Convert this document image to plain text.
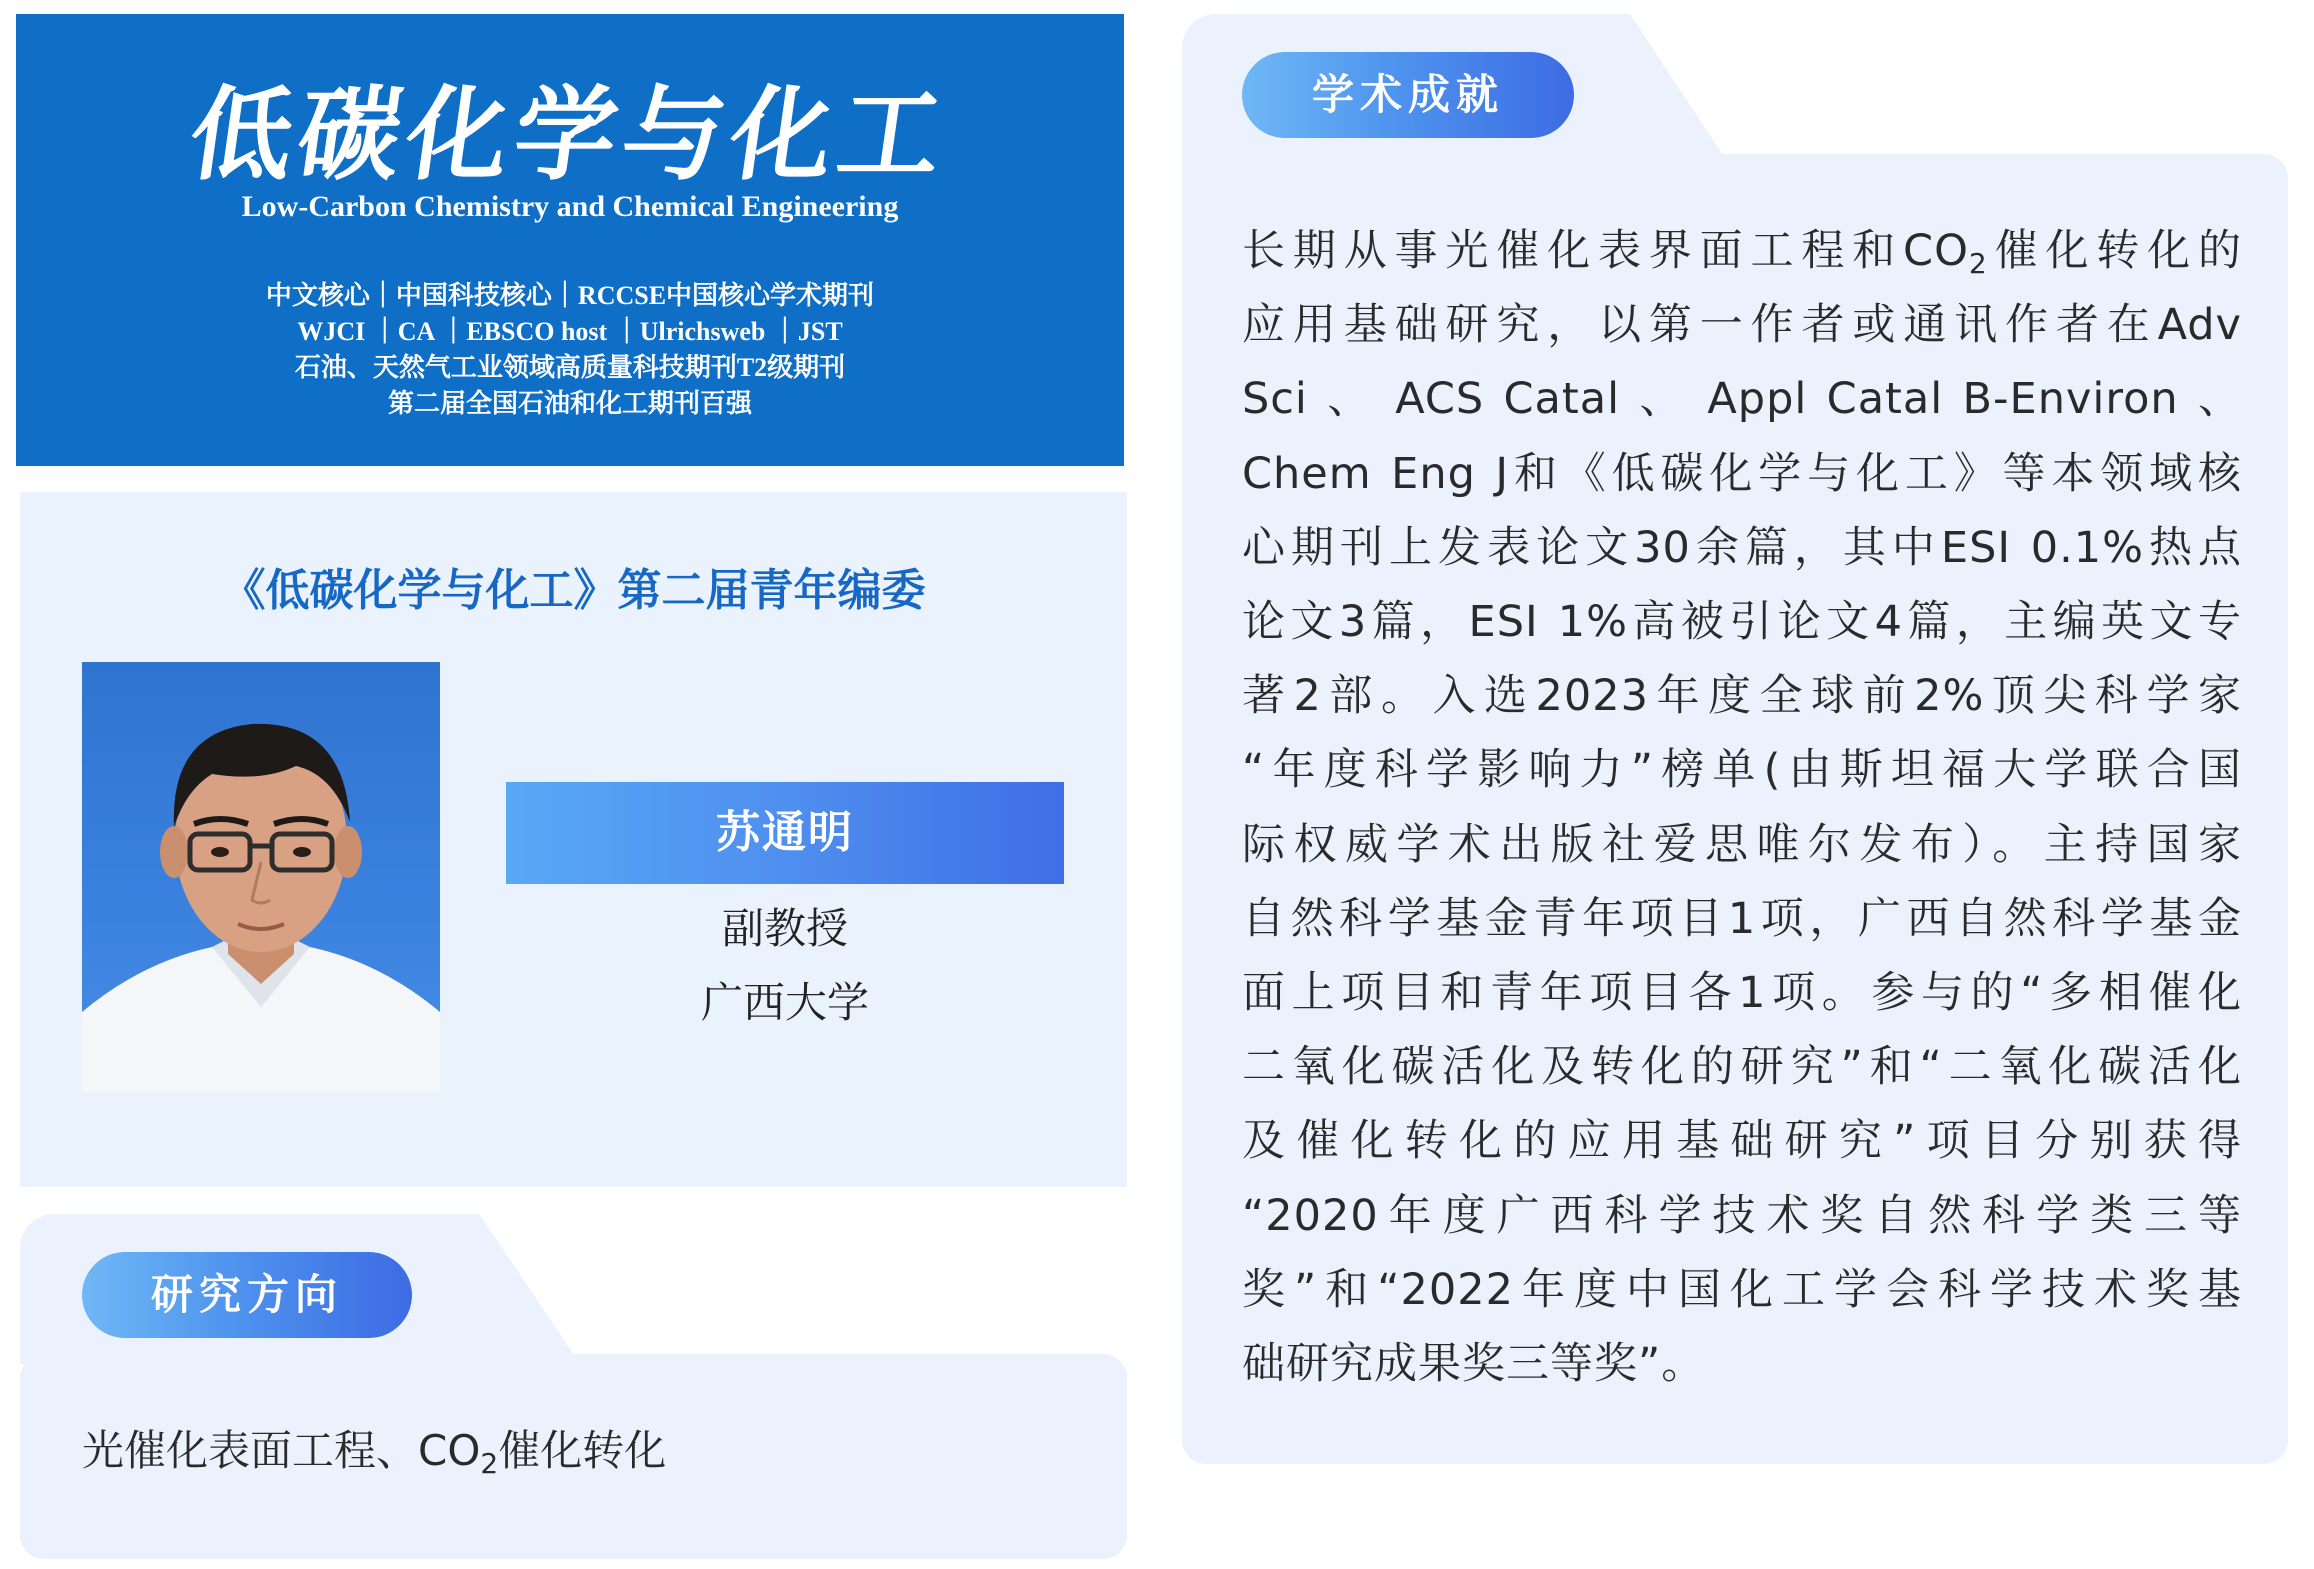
低碳化学与化工
Low-Carbon Chemistry and Chemical Engineering
中文核心｜中国科技核心｜RCCSE中国核心学术期刊
WJCI ｜CA ｜EBSCO host ｜Ulrichsweb ｜JST
石油、天然气工业领域高质量科技期刊T2级期刊
第二届全国石油和化工期刊百强
《低碳化学与化工》第二届青年编委
苏通明
副教授
广西大学
研究方向
光催化表面工程、$CO_2$催化转化
学术成就
长期从事光催化表界面工程和$CO_2$催化转化的
应用基础研究，以第一作者或通讯作者在Adv
Sci 、 ACS Catal 、 Appl Catal B-Environ 、
Chem Eng J和《低碳化学与化工》等本领域核
心期刊上发表论文30余篇，其中ESI 0.1%热点
论文3篇，ESI 1%高被引论文4篇，主编英文专
著2部。入选2023年度全球前2%顶尖科学家
“年度科学影响力”榜单(由斯坦福大学联合国
际权威学术出版社爱思唯尔发布）。主持国家
自然科学基金青年项目1项，广西自然科学基金
面上项目和青年项目各1项。参与的“多相催化
二氧化碳活化及转化的研究”和“二氧化碳活化
及催化转化的应用基础研究”项目分别获得
“2020年度广西科学技术奖自然科学类三等
奖”和“2022年度中国化工学会科学技术奖基
础研究成果奖三等奖”。
